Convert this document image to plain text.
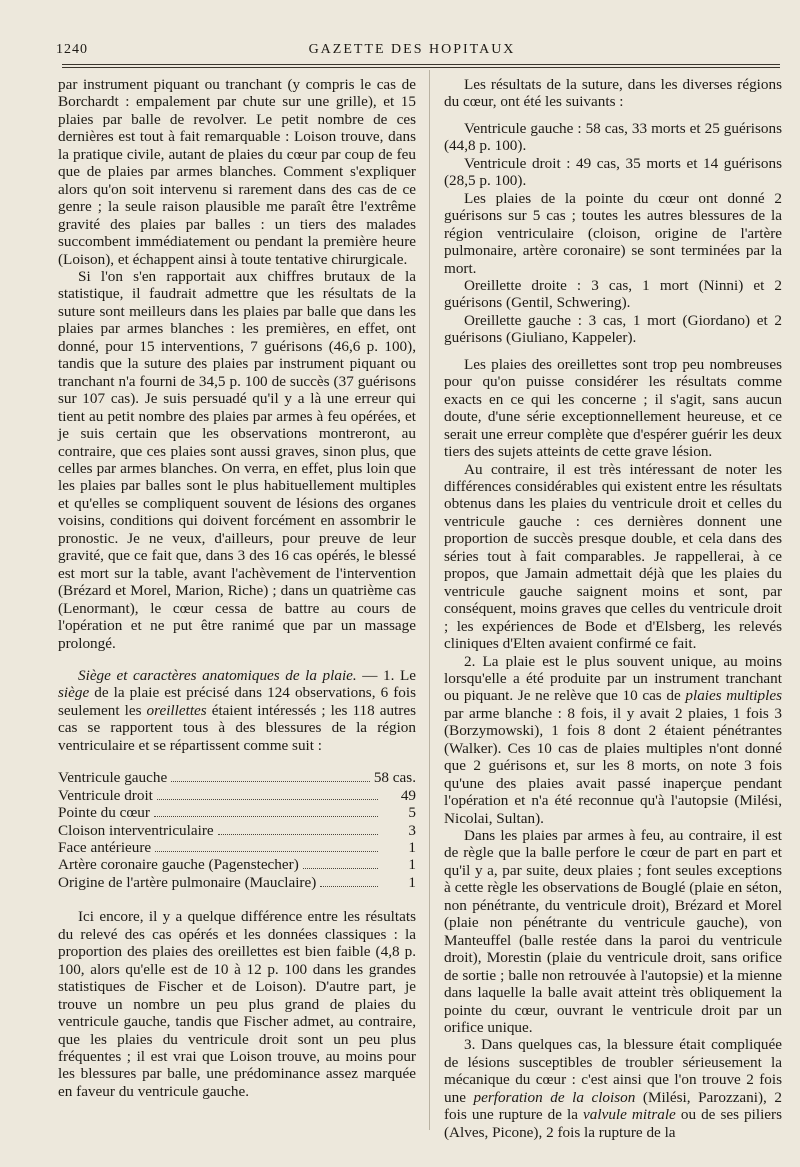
1240	GAZETTE DES HOPITAUX

par instrument piquant ou tranchant (y compris le cas de Borchardt : empalement par chute sur une grille), et 15 plaies par balle de revolver. Le petit nombre de ces dernières est tout à fait remarquable : Loison trouve, dans la pratique civile, autant de plaies du cœur par coup de feu que de plaies par armes blanches. Comment s'expliquer alors qu'on soit intervenu si rarement dans des cas de ce genre ; la seule raison plausible me paraît être l'extrême gravité des plaies par balles : un tiers des malades succombent immédiatement ou pendant la première heure (Loison), et échappent ainsi à toute tentative chirurgicale.

Si l'on s'en rapportait aux chiffres brutaux de la statistique, il faudrait admettre que les résultats de la suture sont meilleurs dans les plaies par balle que dans les plaies par armes blanches : les premières, en effet, ont donné, pour 15 interventions, 7 guérisons (46,6 p. 100), tandis que la suture des plaies par instrument piquant ou tranchant n'a fourni de 34,5 p. 100 de succès (37 guérisons sur 107 cas). Je suis persuadé qu'il y a là une erreur qui tient au petit nombre des plaies par armes à feu opérées, et je suis certain que les observations montreront, au contraire, que ces plaies sont aussi graves, sinon plus, que celles par armes blanches. On verra, en effet, plus loin que les plaies par balles sont le plus habituellement multiples et qu'elles se compliquent souvent de lésions des organes voisins, conditions qui doivent forcément en assombrir le pronostic. Je ne veux, d'ailleurs, pour preuve de leur gravité, que ce fait que, dans 3 des 16 cas opérés, le blessé est mort sur la table, avant l'achèvement de l'intervention (Brézard et Morel, Marion, Riche) ; dans un quatrième cas (Lenormant), le cœur cessa de battre au cours de l'opération et ne put être ranimé que par un massage prolongé.

Siège et caractères anatomiques de la plaie. — 1. Le siège de la plaie est précisé dans 124 observations, 6 fois seulement les oreillettes étaient intéressés ; les 118 autres cas se rapportent tous à des blessures de la région ventriculaire et se répartissent comme suit :

Ventricule gauche	58 cas.
Ventricule droit	49
Pointe du cœur	5
Cloison interventriculaire	3
Face antérieure	1
Artère coronaire gauche (Pagenstecher)	1
Origine de l'artère pulmonaire (Mauclaire)	1

Ici encore, il y a quelque différence entre les résultats du relevé des cas opérés et les données classiques : la proportion des plaies des oreillettes est bien faible (4,8 p. 100, alors qu'elle est de 10 à 12 p. 100 dans les grandes statistiques de Fischer et de Loison). D'autre part, je trouve un nombre un peu plus grand de plaies du ventricule gauche, tandis que Fischer admet, au contraire, que les plaies du ventricule droit sont un peu plus fréquentes ; il est vrai que Loison trouve, au moins pour les blessures par balle, une prédominance assez marquée en faveur du ventricule gauche.

Les résultats de la suture, dans les diverses régions du cœur, ont été les suivants :

Ventricule gauche : 58 cas, 33 morts et 25 guérisons (44,8 p. 100).

Ventricule droit : 49 cas, 35 morts et 14 guérisons (28,5 p. 100).

Les plaies de la pointe du cœur ont donné 2 guérisons sur 5 cas ; toutes les autres blessures de la région ventriculaire (cloison, origine de l'artère pulmonaire, artère coronaire) se sont terminées par la mort.

Oreillette droite : 3 cas, 1 mort (Ninni) et 2 guérisons (Gentil, Schwering).

Oreillette gauche : 3 cas, 1 mort (Giordano) et 2 guérisons (Giuliano, Kappeler).

Les plaies des oreillettes sont trop peu nombreuses pour qu'on puisse considérer les résultats comme exacts en ce qui les concerne ; il s'agit, sans aucun doute, d'une série exceptionnellement heureuse, et ce serait une erreur complète que d'espérer guérir les deux tiers des sujets atteints de cette grave lésion.

Au contraire, il est très intéressant de noter les différences considérables qui existent entre les résultats obtenus dans les plaies du ventricule droit et celles du ventricule gauche : ces dernières donnent une proportion de succès presque double, et cela dans des séries tout à fait comparables. Je rappellerai, à ce propos, que Jamain admettait déjà que les plaies du ventricule gauche saignent moins et sont, par conséquent, moins graves que celles du ventricule droit ; les expériences de Bode et d'Elsberg, les relevés cliniques d'Elten avaient confirmé ce fait.

2. La plaie est le plus souvent unique, au moins lorsqu'elle a été produite par un instrument tranchant ou piquant. Je ne relève que 10 cas de plaies multiples par arme blanche : 8 fois, il y avait 2 plaies, 1 fois 3 (Borzymowski), 1 fois 8 dont 2 étaient pénétrantes (Walker). Ces 10 cas de plaies multiples n'ont donné que 2 guérisons et, sur les 8 morts, on note 3 fois qu'une des plaies avait passé inaperçue pendant l'opération et n'a été reconnue qu'à l'autopsie (Milési, Nicolai, Sultan).

Dans les plaies par armes à feu, au contraire, il est de règle que la balle perfore le cœur de part en part et qu'il y a, par suite, deux plaies ; font seules exceptions à cette règle les observations de Bouglé (plaie en séton, non pénétrante, du ventricule droit), Brézard et Morel (plaie non pénétrante du ventricule gauche), von Manteuffel (balle restée dans la paroi du ventricule droit), Morestin (plaie du ventricule droit, sans orifice de sortie ; balle non retrouvée à l'autopsie) et la mienne dans laquelle la balle avait atteint très obliquement la pointe du cœur, ouvrant le ventricule droit par un orifice unique.

3. Dans quelques cas, la blessure était compliquée de lésions susceptibles de troubler sérieusement la mécanique du cœur : c'est ainsi que l'on trouve 2 fois une perforation de la cloison (Milési, Parozzani), 2 fois une rupture de la valvule mitrale ou de ses piliers (Alves, Picone), 2 fois la rupture de la
